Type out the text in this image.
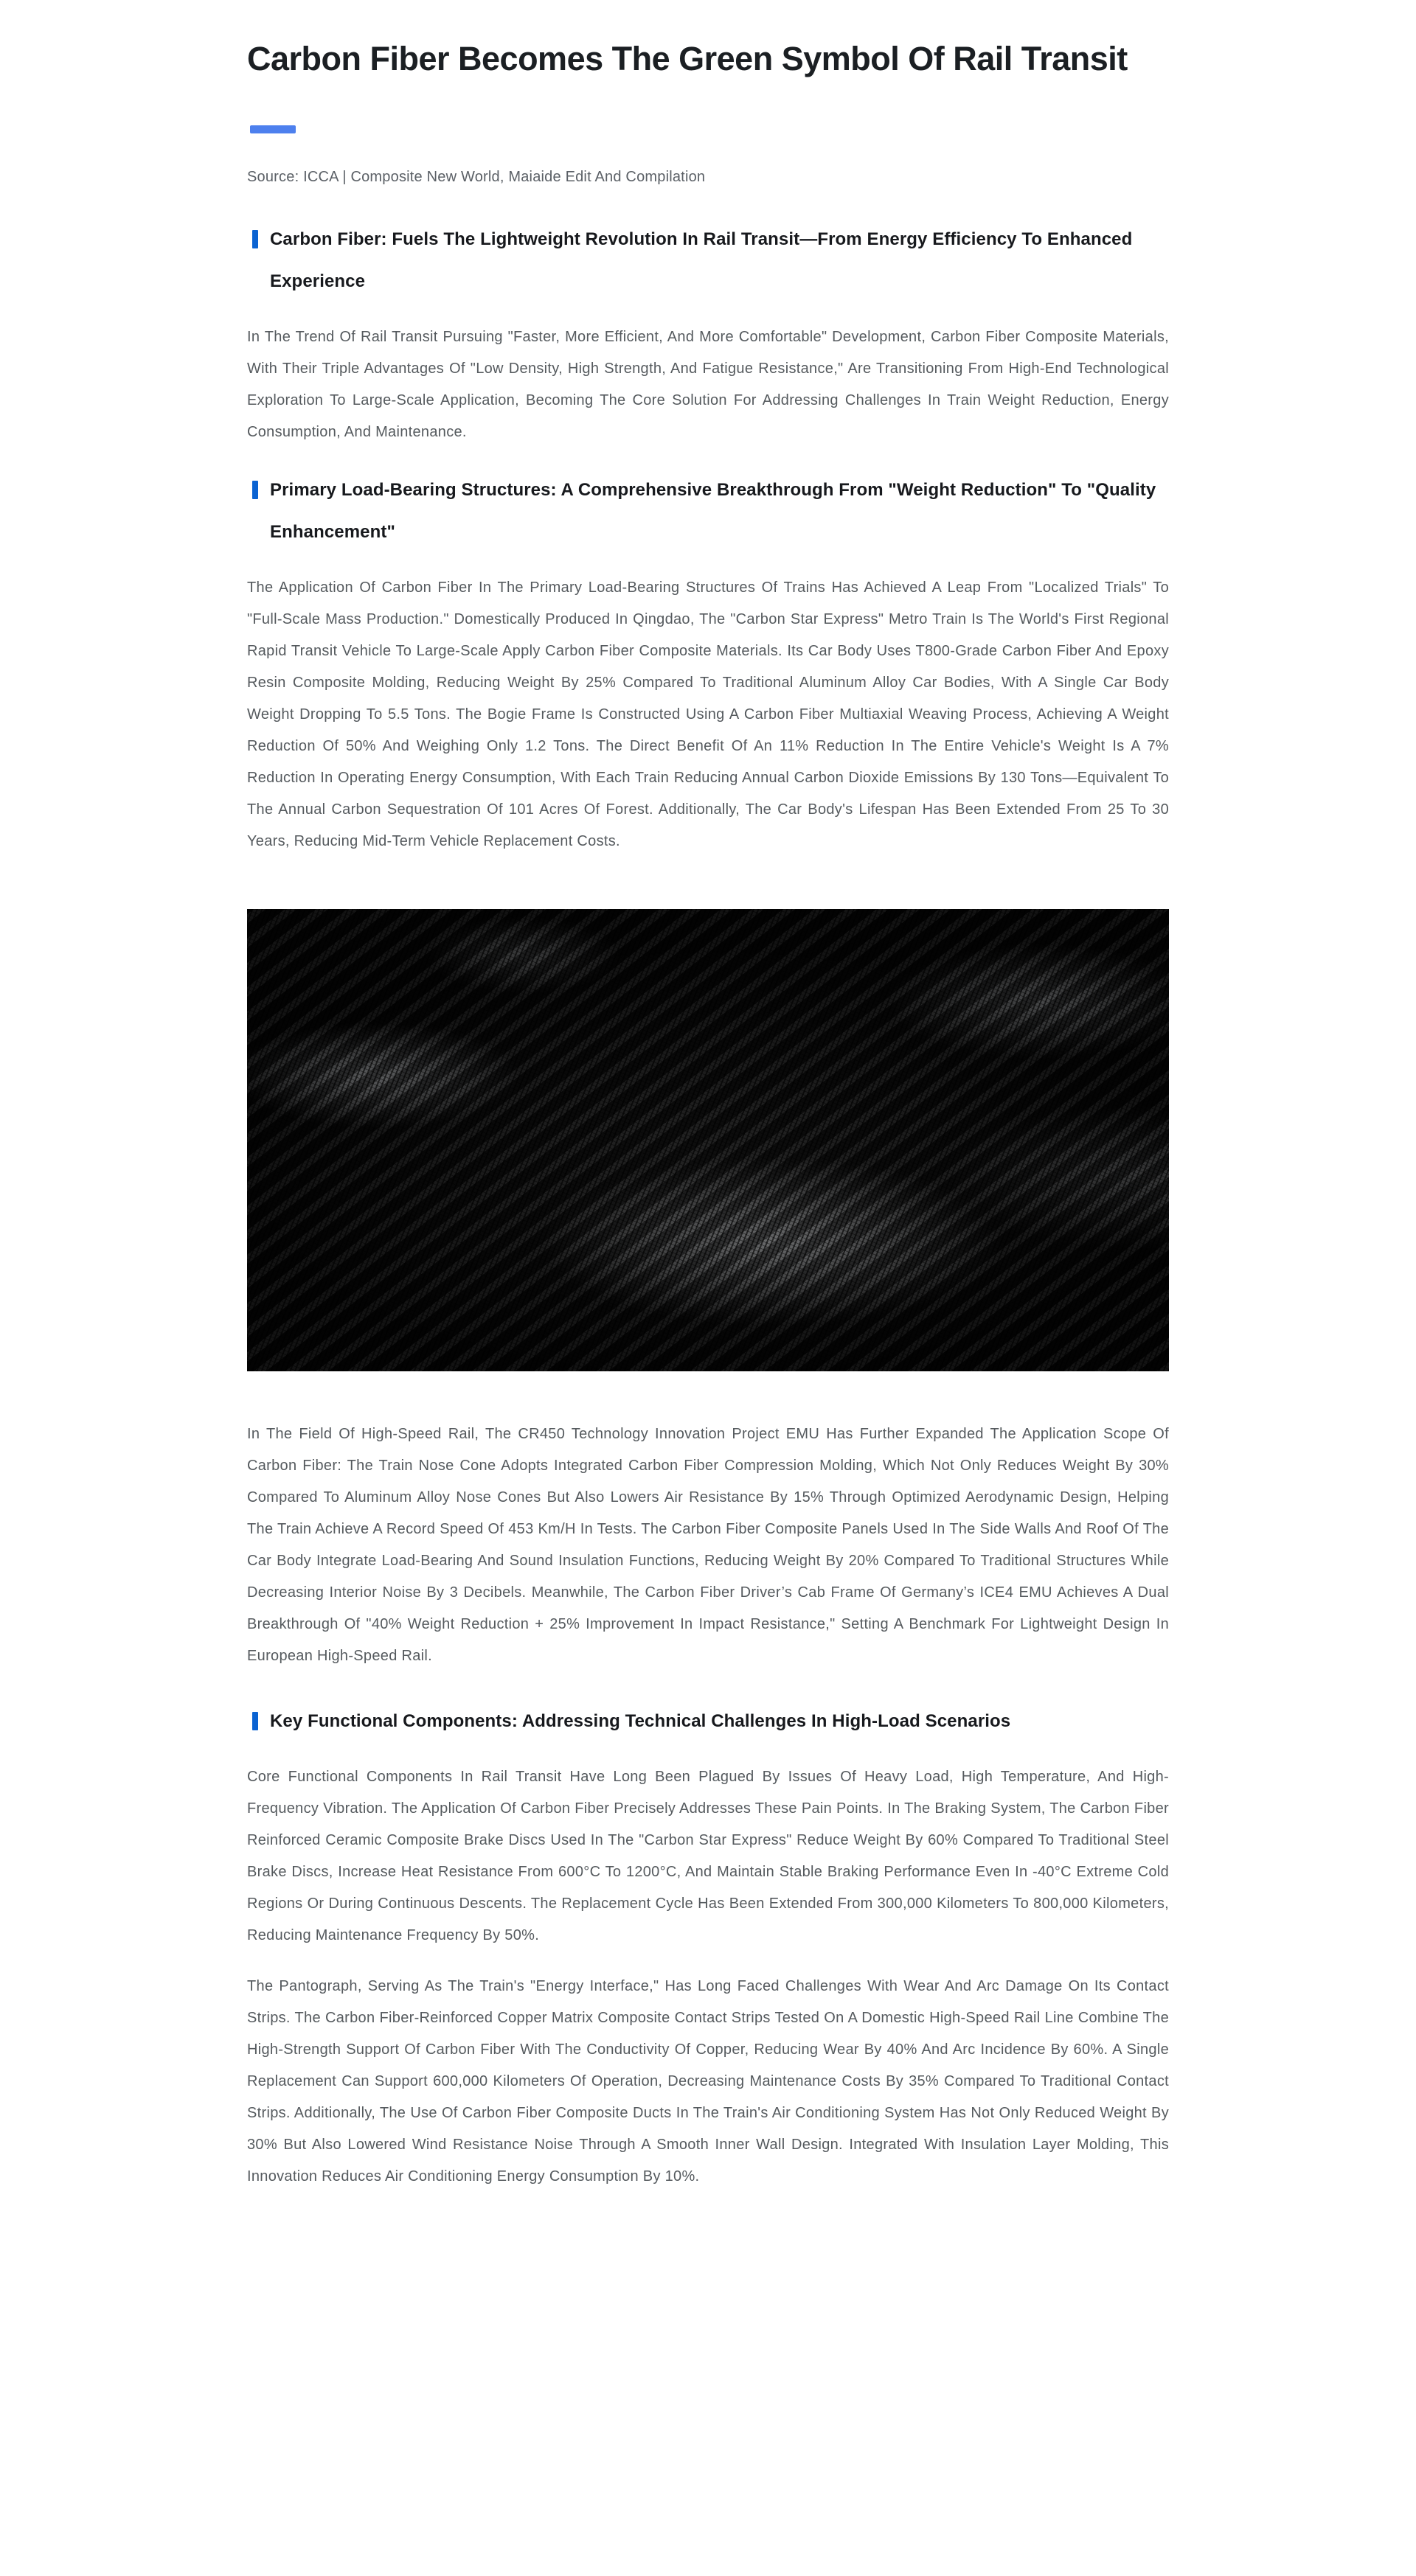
Carbon Fiber Becomes The Green Symbol Of Rail Transit

Source: ICCA | Composite New World, Maiaide Edit And Compilation

Carbon Fiber: Fuels The Lightweight Revolution In Rail Transit—From Energy Efficiency To Enhanced Experience

In The Trend Of Rail Transit Pursuing "Faster, More Efficient, And More Comfortable" Development, Carbon Fiber Composite Materials, With Their Triple Advantages Of "Low Density, High Strength, And Fatigue Resistance," Are Transitioning From High-End Technological Exploration To Large-Scale Application, Becoming The Core Solution For Addressing Challenges In Train Weight Reduction, Energy Consumption, And Maintenance.

Primary Load-Bearing Structures: A Comprehensive Breakthrough From "Weight Reduction" To "Quality Enhancement"

The Application Of Carbon Fiber In The Primary Load-Bearing Structures Of Trains Has Achieved A Leap From "Localized Trials" To "Full-Scale Mass Production." Domestically Produced In Qingdao, The "Carbon Star Express" Metro Train Is The World's First Regional Rapid Transit Vehicle To Large-Scale Apply Carbon Fiber Composite Materials. Its Car Body Uses T800-Grade Carbon Fiber And Epoxy Resin Composite Molding, Reducing Weight By 25% Compared To Traditional Aluminum Alloy Car Bodies, With A Single Car Body Weight Dropping To 5.5 Tons. The Bogie Frame Is Constructed Using A Carbon Fiber Multiaxial Weaving Process, Achieving A Weight Reduction Of 50% And Weighing Only 1.2 Tons. The Direct Benefit Of An 11% Reduction In The Entire Vehicle's Weight Is A 7% Reduction In Operating Energy Consumption, With Each Train Reducing Annual Carbon Dioxide Emissions By 130 Tons—Equivalent To The Annual Carbon Sequestration Of 101 Acres Of Forest. Additionally, The Car Body's Lifespan Has Been Extended From 25 To 30 Years, Reducing Mid-Term Vehicle Replacement Costs.

In The Field Of High-Speed Rail, The CR450 Technology Innovation Project EMU Has Further Expanded The Application Scope Of Carbon Fiber: The Train Nose Cone Adopts Integrated Carbon Fiber Compression Molding, Which Not Only Reduces Weight By 30% Compared To Aluminum Alloy Nose Cones But Also Lowers Air Resistance By 15% Through Optimized Aerodynamic Design, Helping The Train Achieve A Record Speed Of 453 Km/H In Tests. The Carbon Fiber Composite Panels Used In The Side Walls And Roof Of The Car Body Integrate Load-Bearing And Sound Insulation Functions, Reducing Weight By 20% Compared To Traditional Structures While Decreasing Interior Noise By 3 Decibels. Meanwhile, The Carbon Fiber Driver’s Cab Frame Of Germany’s ICE4 EMU Achieves A Dual Breakthrough Of "40% Weight Reduction + 25% Improvement In Impact Resistance," Setting A Benchmark For Lightweight Design In European High-Speed Rail.

Key Functional Components: Addressing Technical Challenges In High-Load Scenarios

Core Functional Components In Rail Transit Have Long Been Plagued By Issues Of Heavy Load, High Temperature, And High-Frequency Vibration. The Application Of Carbon Fiber Precisely Addresses These Pain Points. In The Braking System, The Carbon Fiber Reinforced Ceramic Composite Brake Discs Used In The "Carbon Star Express" Reduce Weight By 60% Compared To Traditional Steel Brake Discs, Increase Heat Resistance From 600°C To 1200°C, And Maintain Stable Braking Performance Even In -40°C Extreme Cold Regions Or During Continuous Descents. The Replacement Cycle Has Been Extended From 300,000 Kilometers To 800,000 Kilometers, Reducing Maintenance Frequency By 50%.

The Pantograph, Serving As The Train's "Energy Interface," Has Long Faced Challenges With Wear And Arc Damage On Its Contact Strips. The Carbon Fiber-Reinforced Copper Matrix Composite Contact Strips Tested On A Domestic High-Speed Rail Line Combine The High-Strength Support Of Carbon Fiber With The Conductivity Of Copper, Reducing Wear By 40% And Arc Incidence By 60%. A Single Replacement Can Support 600,000 Kilometers Of Operation, Decreasing Maintenance Costs By 35% Compared To Traditional Contact Strips. Additionally, The Use Of Carbon Fiber Composite Ducts In The Train's Air Conditioning System Has Not Only Reduced Weight By 30% But Also Lowered Wind Resistance Noise Through A Smooth Inner Wall Design. Integrated With Insulation Layer Molding, This Innovation Reduces Air Conditioning Energy Consumption By 10%.
